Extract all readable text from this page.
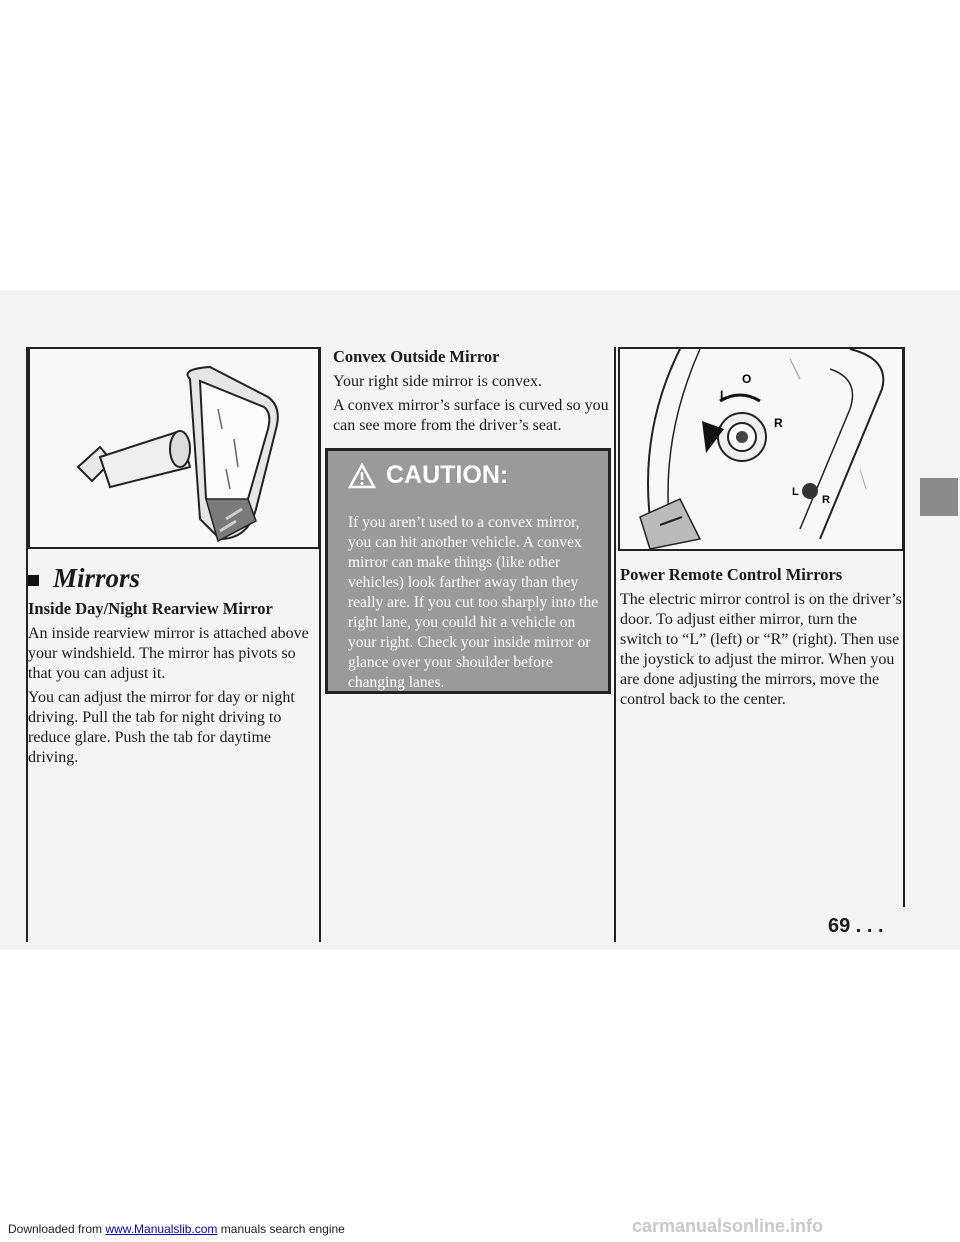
Mirrors
Inside Day/Night Rearview Mirror

An inside rearview mirror is attached above your windshield. The mirror has pivots so that you can adjust it.

You can adjust the mirror for day or night driving. Pull the tab for night driving to reduce glare. Push the tab for daytime driving.

Convex Outside Mirror

Your right side mirror is convex.

A convex mirror’s surface is curved so you can see more from the driver’s seat.

CAUTION:

If you aren’t used to a convex mirror, you can hit another vehicle. A convex mirror can make things (like other vehicles) look farther away than they really are. If you cut too sharply into the right lane, you could hit a vehicle on your right. Check your inside mirror or glance over your shoulder before changing lanes.

O
L
R
L
R
Power Remote Control Mirrors

The electric mirror control is on the driver’s door. To adjust either mirror, turn the switch to “L” (left) or “R” (right). Then use the joystick to adjust the mirror. When you are done adjusting the mirrors, move the control back to the center.

69 . . .

Downloaded from www.Manualslib.com manuals search engine	carmanualsonline.info
